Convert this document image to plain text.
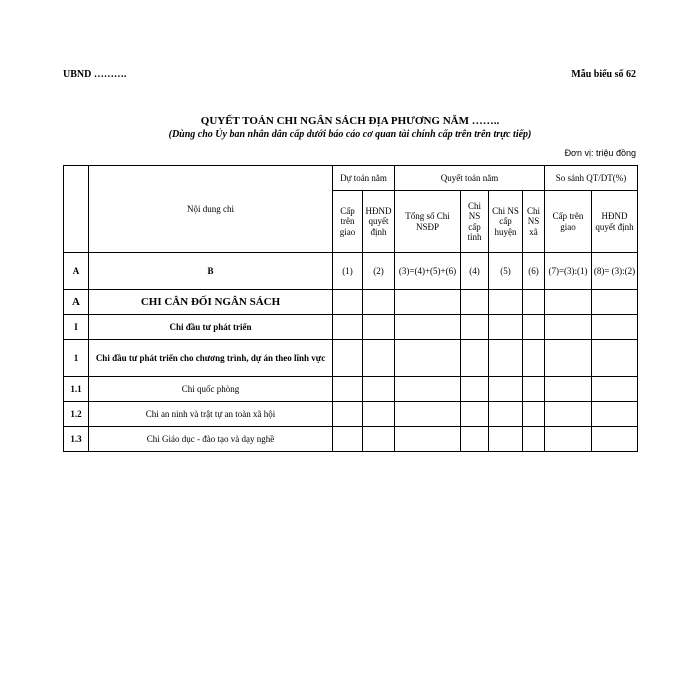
UBND ……….	Mẫu biểu số 62
QUYẾT TOÁN CHI NGÂN SÁCH ĐỊA PHƯƠNG NĂM ……..
(Dùng cho Ủy ban nhân dân cấp dưới báo cáo cơ quan tài chính cấp trên trên trực tiếp)
Đơn vị: triệu đồng
	Nội dung chi	Dự toán năm		Quyết toán năm				So sánh QT/DT(%)	
		Cấp trên giao	HĐND quyết định	Tổng số Chi NSĐP	Chi NS cấp tỉnh	Chi NS cấp huyện	Chi NS xã	Cấp trên giao	HĐND quyết định
A	B	(1)	(2)	(3)=(4)+(5)+(6)	(4)	(5)	(6)	(7)=(3):(1)	(8)= (3):(2)
A	CHI CÂN ĐỐI NGÂN SÁCH								
I	Chi đầu tư phát triển								
1	Chi đầu tư phát triển cho chương trình, dự án theo lĩnh vực								
1.1	Chi quốc phòng								
1.2	Chi an ninh và trật tự an toàn xã hội								
1.3	Chi Giáo dục - đào tạo và dạy nghề								
